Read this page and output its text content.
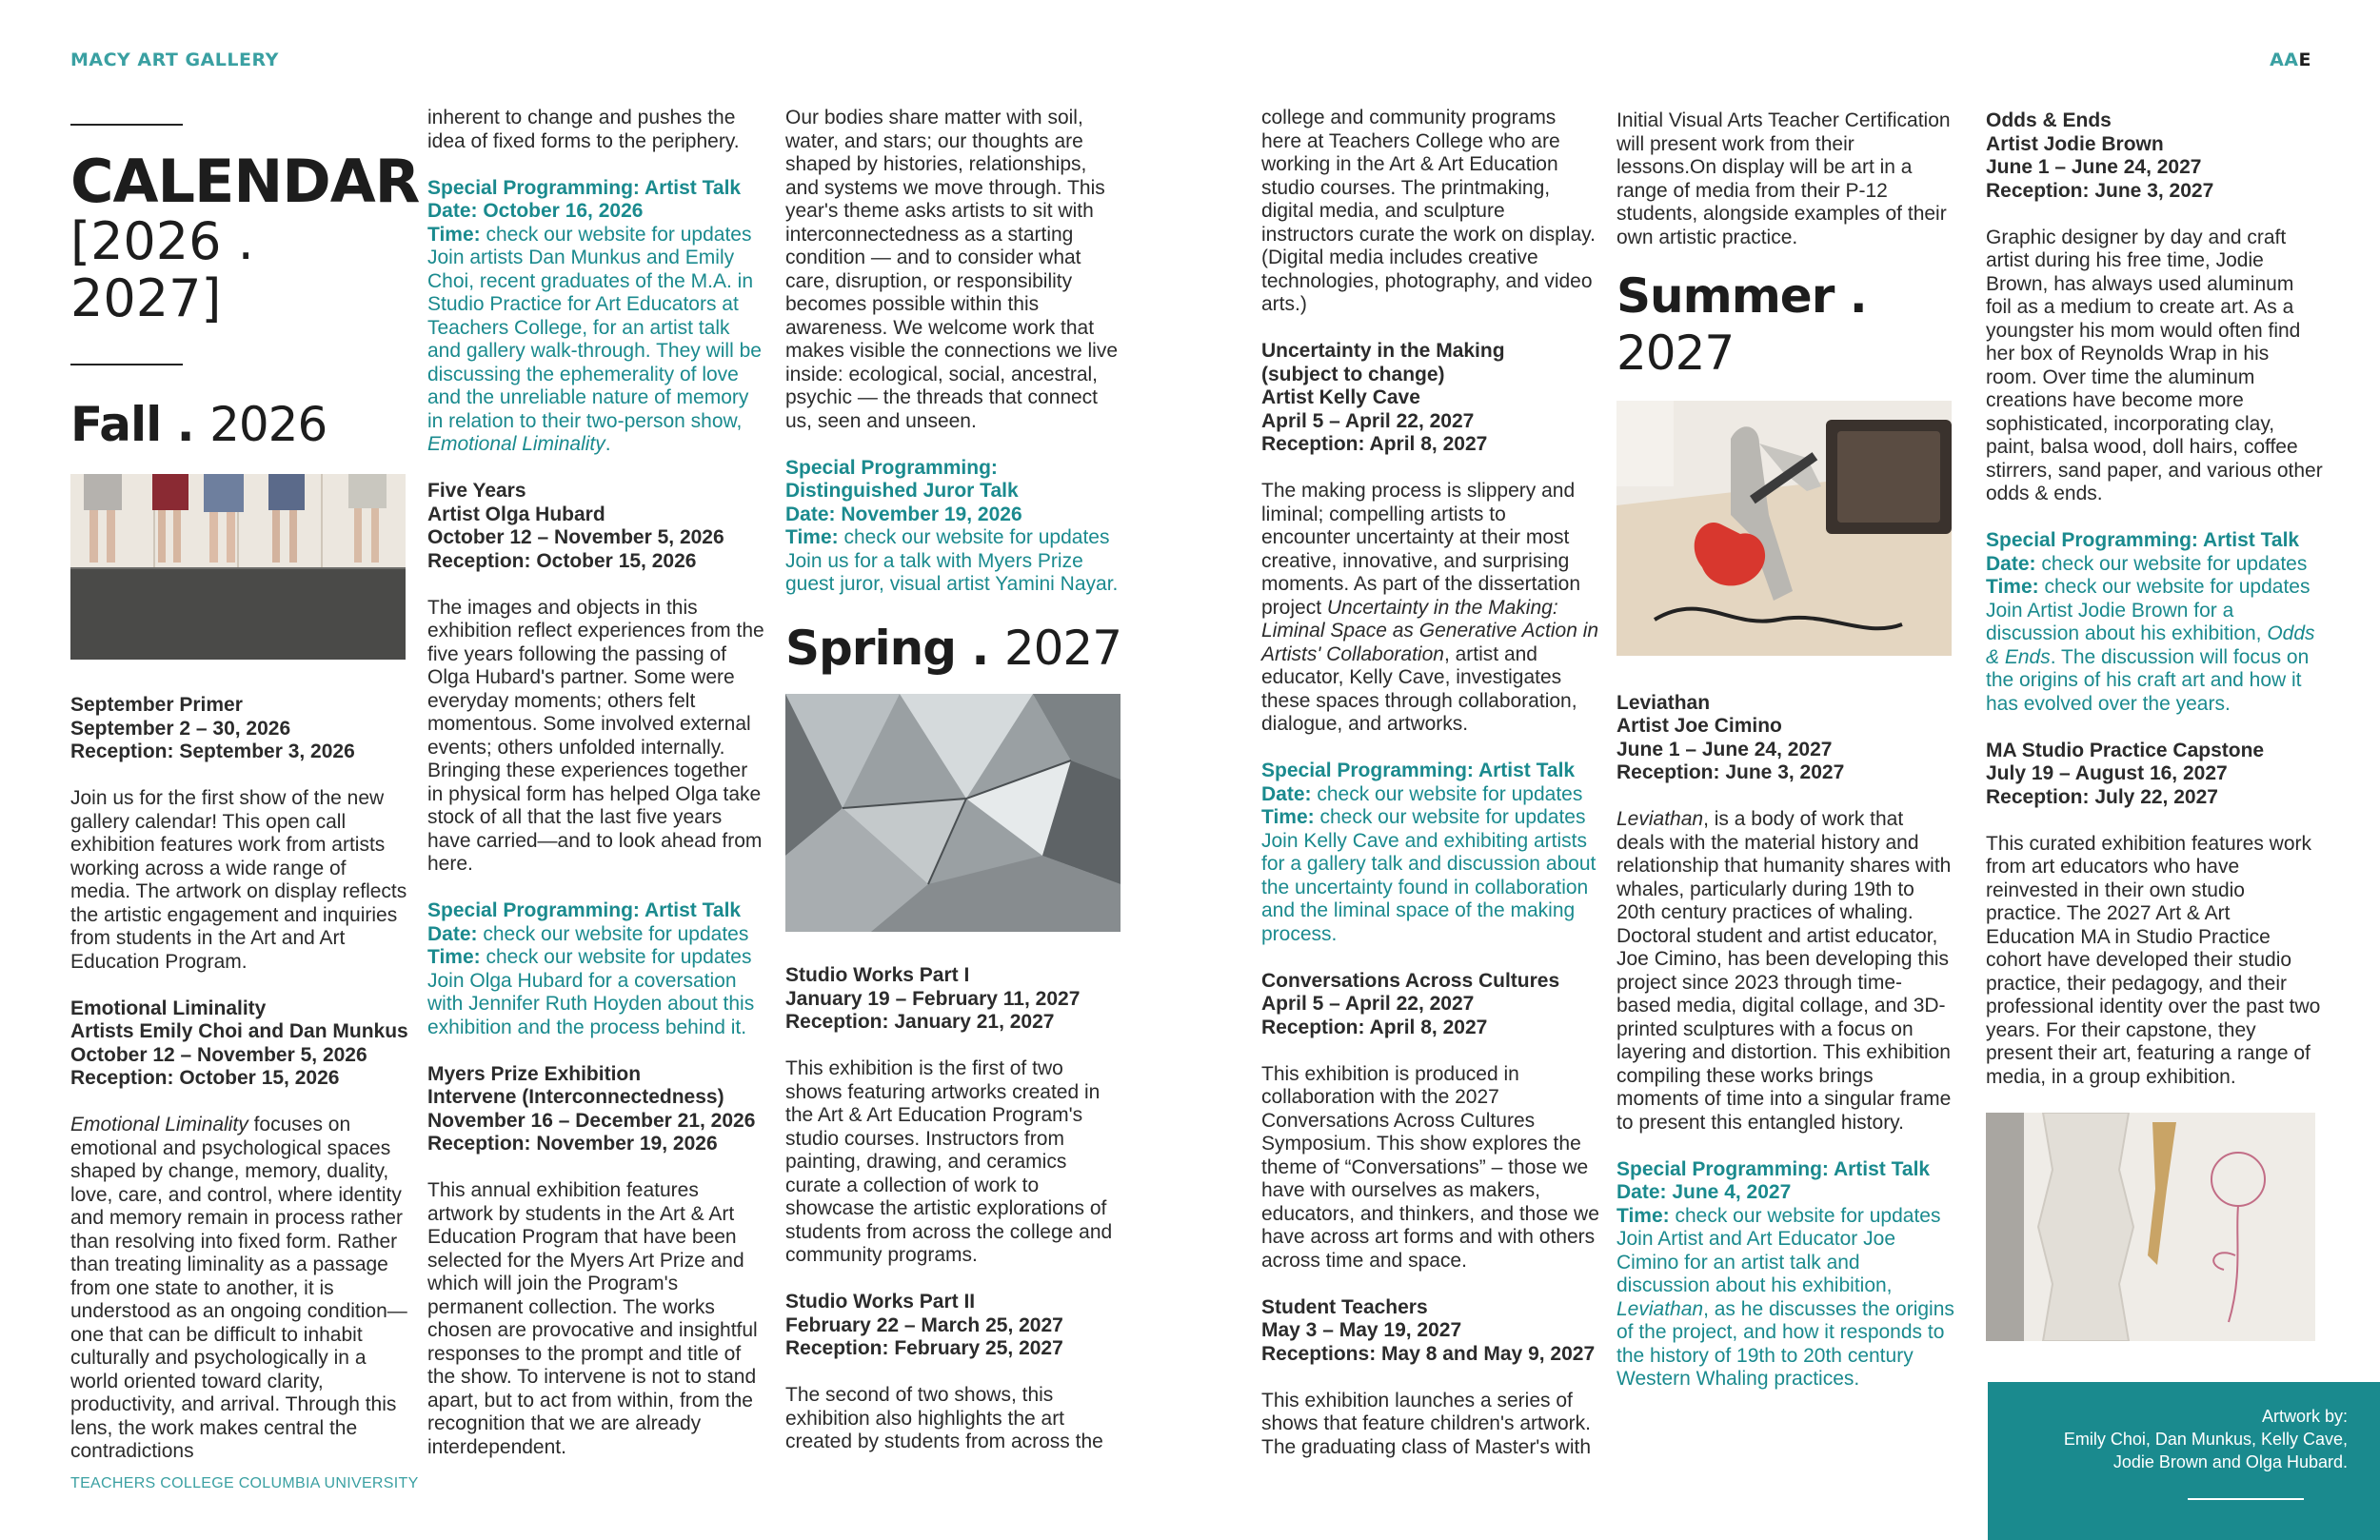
MACY ART GALLERY	AAE
CALENDAR
[2026 . 2027]
Fall . 2026
September Primer
September 2 – 30, 2026
Reception: September 3, 2026

Join us for the first show of the new gallery calendar! This open call exhibition features work from artists working across a wide range of media. The artwork on display reflects the artistic engagement and inquiries from students in the Art and Art Education Program.

Emotional Liminality
Artists Emily Choi and Dan Munkus
October 12 – November 5, 2026
Reception: October 15, 2026

Emotional Liminality focuses on emotional and psychological spaces shaped by change, memory, duality, love, care, and control, where identity and memory remain in process rather than resolving into fixed form. Rather than treating liminality as a passage from one state to another, it is understood as an ongoing condition—one that can be difficult to inhabit culturally and psychologically in a world oriented toward clarity, productivity, and arrival. Through this lens, the work makes central the contradictions

inherent to change and pushes the idea of fixed forms to the periphery.

Special Programming: Artist Talk
Date: October 16, 2026
Time: check our website for updates
Join artists Dan Munkus and Emily Choi, recent graduates of the M.A. in Studio Practice for Art Educators at Teachers College, for an artist talk and gallery walk-through. They will be discussing the ephemerality of love and the unreliable nature of memory in relation to their two-person show, Emotional Liminality.
Five Years
Artist Olga Hubard
October 12 – November 5, 2026
Reception: October 15, 2026

The images and objects in this exhibition reflect experiences from the five years following the passing of Olga Hubard's partner. Some were everyday moments; others felt momentous. Some involved external events; others unfolded internally. Bringing these experiences together in physical form has helped Olga take stock of all that the last five years have carried—and to look ahead from here.

Special Programming: Artist Talk
Date: check our website for updates
Time: check our website for updates
Join Olga Hubard for a coversation with Jennifer Ruth Hoyden about this exhibition and the process behind it.
Myers Prize Exhibition
Intervene (Interconnectedness)
November 16 – December 21, 2026
Reception: November 19, 2026

This annual exhibition features artwork by students in the Art & Art Education Program that have been selected for the Myers Art Prize and which will join the Program's permanent collection. The works chosen are provocative and insightful responses to the prompt and title of the show. To intervene is not to stand apart, but to act from within, from the recognition that we are already interdependent.

Our bodies share matter with soil, water, and stars; our thoughts are shaped by histories, relationships, and systems we move through. This year's theme asks artists to sit with interconnectedness as a starting condition — and to consider what care, disruption, or responsibility becomes possible within this awareness. We welcome work that makes visible the connections we live inside: ecological, social, ancestral, psychic — the threads that connect us, seen and unseen.

Special Programming:
Distinguished Juror Talk
Date: November 19, 2026
Time: check our website for updates
Join us for a talk with Myers Prize guest juror, visual artist Yamini Nayar.
Spring . 2027
Studio Works Part I
January 19 – February 11, 2027
Reception: January 21, 2027

This exhibition is the first of two shows featuring artworks created in the Art & Art Education Program's studio courses. Instructors from painting, drawing, and ceramics curate a collection of work to showcase the artistic explorations of students from across the college and community programs.

Studio Works Part II
February 22 – March 25, 2027
Reception: February 25, 2027

The second of two shows, this exhibition also highlights the art created by students from across the

college and community programs here at Teachers College who are working in the Art & Art Education studio courses. The printmaking, digital media, and sculpture instructors curate the work on display. (Digital media includes creative technologies, photography, and video arts.)

Uncertainty in the Making
(subject to change)
Artist Kelly Cave
April 5 – April 22, 2027
Reception: April 8, 2027

The making process is slippery and liminal; compelling artists to encounter uncertainty at their most creative, innovative, and surprising moments. As part of the dissertation project Uncertainty in the Making: Liminal Space as Generative Action in Artists' Collaboration, artist and educator, Kelly Cave, investigates these spaces through collaboration, dialogue, and artworks.

Special Programming: Artist Talk
Date: check our website for updates
Time: check our website for updates
Join Kelly Cave and exhibiting artists for a gallery talk and discussion about the uncertainty found in collaboration and the liminal space of the making process.
Conversations Across Cultures
April 5 – April 22, 2027
Reception: April 8, 2027

This exhibition is produced in collaboration with the 2027 Conversations Across Cultures Symposium. This show explores the theme of “Conversations” – those we have with ourselves as makers, educators, and thinkers, and those we have across art forms and with others across time and space.

Student Teachers
May 3 – May 19, 2027
Receptions: May 8 and May 9, 2027

This exhibition launches a series of shows that feature children's artwork. The graduating class of Master's with

Initial Visual Arts Teacher Certification will present work from their lessons.On display will be art in a range of media from their P-12 students, alongside examples of their own artistic practice.

Summer . 2027
Leviathan
Artist Joe Cimino
June 1 – June 24, 2027
Reception: June 3, 2027

Leviathan, is a body of work that deals with the material history and relationship that humanity shares with whales, particularly during 19th to 20th century practices of whaling. Doctoral student and artist educator, Joe Cimino, has been developing this project since 2023 through time-based media, digital collage, and 3D-printed sculptures with a focus on layering and distortion. This exhibition compiling these works brings moments of time into a singular frame to present this entangled history.

Special Programming: Artist Talk
Date: June 4, 2027
Time: check our website for updates
Join Artist and Art Educator Joe Cimino for an artist talk and discussion about his exhibition, Leviathan, as he discusses the origins of the project, and how it responds to the history of 19th to 20th century Western Whaling practices.
Odds & Ends
Artist Jodie Brown
June 1 – June 24, 2027
Reception: June 3, 2027

Graphic designer by day and craft artist during his free time, Jodie Brown, has always used aluminum foil as a medium to create art. As a youngster his mom would often find her box of Reynolds Wrap in his room. Over time the aluminum creations have become more sophisticated, incorporating clay, paint, balsa wood, doll hairs, coffee stirrers, sand paper, and various other odds & ends.

Special Programming: Artist Talk
Date: check our website for updates
Time: check our website for updates
Join Artist Jodie Brown for a discussion about his exhibition, Odds & Ends. The discussion will focus on the origins of his craft art and how it has evolved over the years.
MA Studio Practice Capstone
July 19 – August 16, 2027
Reception: July 22, 2027

This curated exhibition features work from art educators who have reinvested in their own studio practice. The 2027 Art & Art Education MA in Studio Practice cohort have developed their studio practice, their pedagogy, and their professional identity over the past two years. For their capstone, they present their art, featuring a range of media, in a group exhibition.

TEACHERS COLLEGE COLUMBIA UNIVERSITY
Artwork by:
Emily Choi, Dan Munkus, Kelly Cave,
Jodie Brown and Olga Hubard.
